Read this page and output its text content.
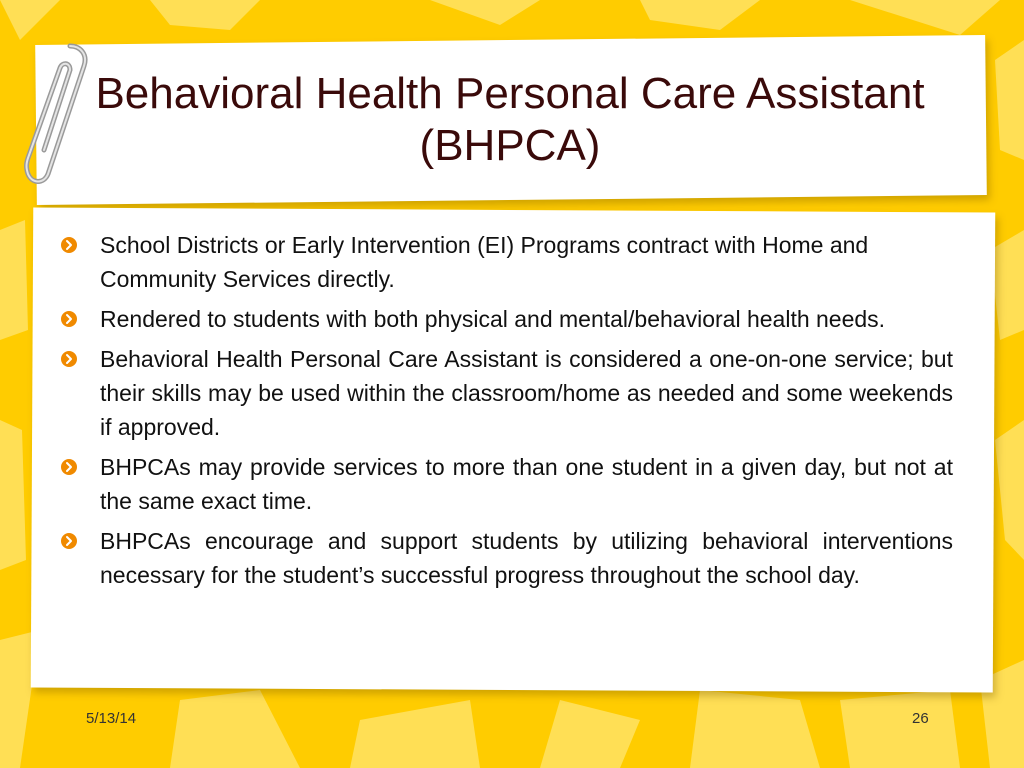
Behavioral Health Personal Care Assistant (BHPCA)
School Districts or Early Intervention (EI) Programs contract with Home and Community Services directly.
Rendered to students with both physical and mental/behavioral health needs.
Behavioral Health Personal Care Assistant is considered a one-on-one service; but their skills may be used within the classroom/home as needed and some weekends if approved.
BHPCAs may provide services to more than one student in a given day, but not at the same exact time.
BHPCAs encourage and support students by utilizing behavioral interventions necessary for the student’s successful progress throughout the school day.
5/13/14	26
